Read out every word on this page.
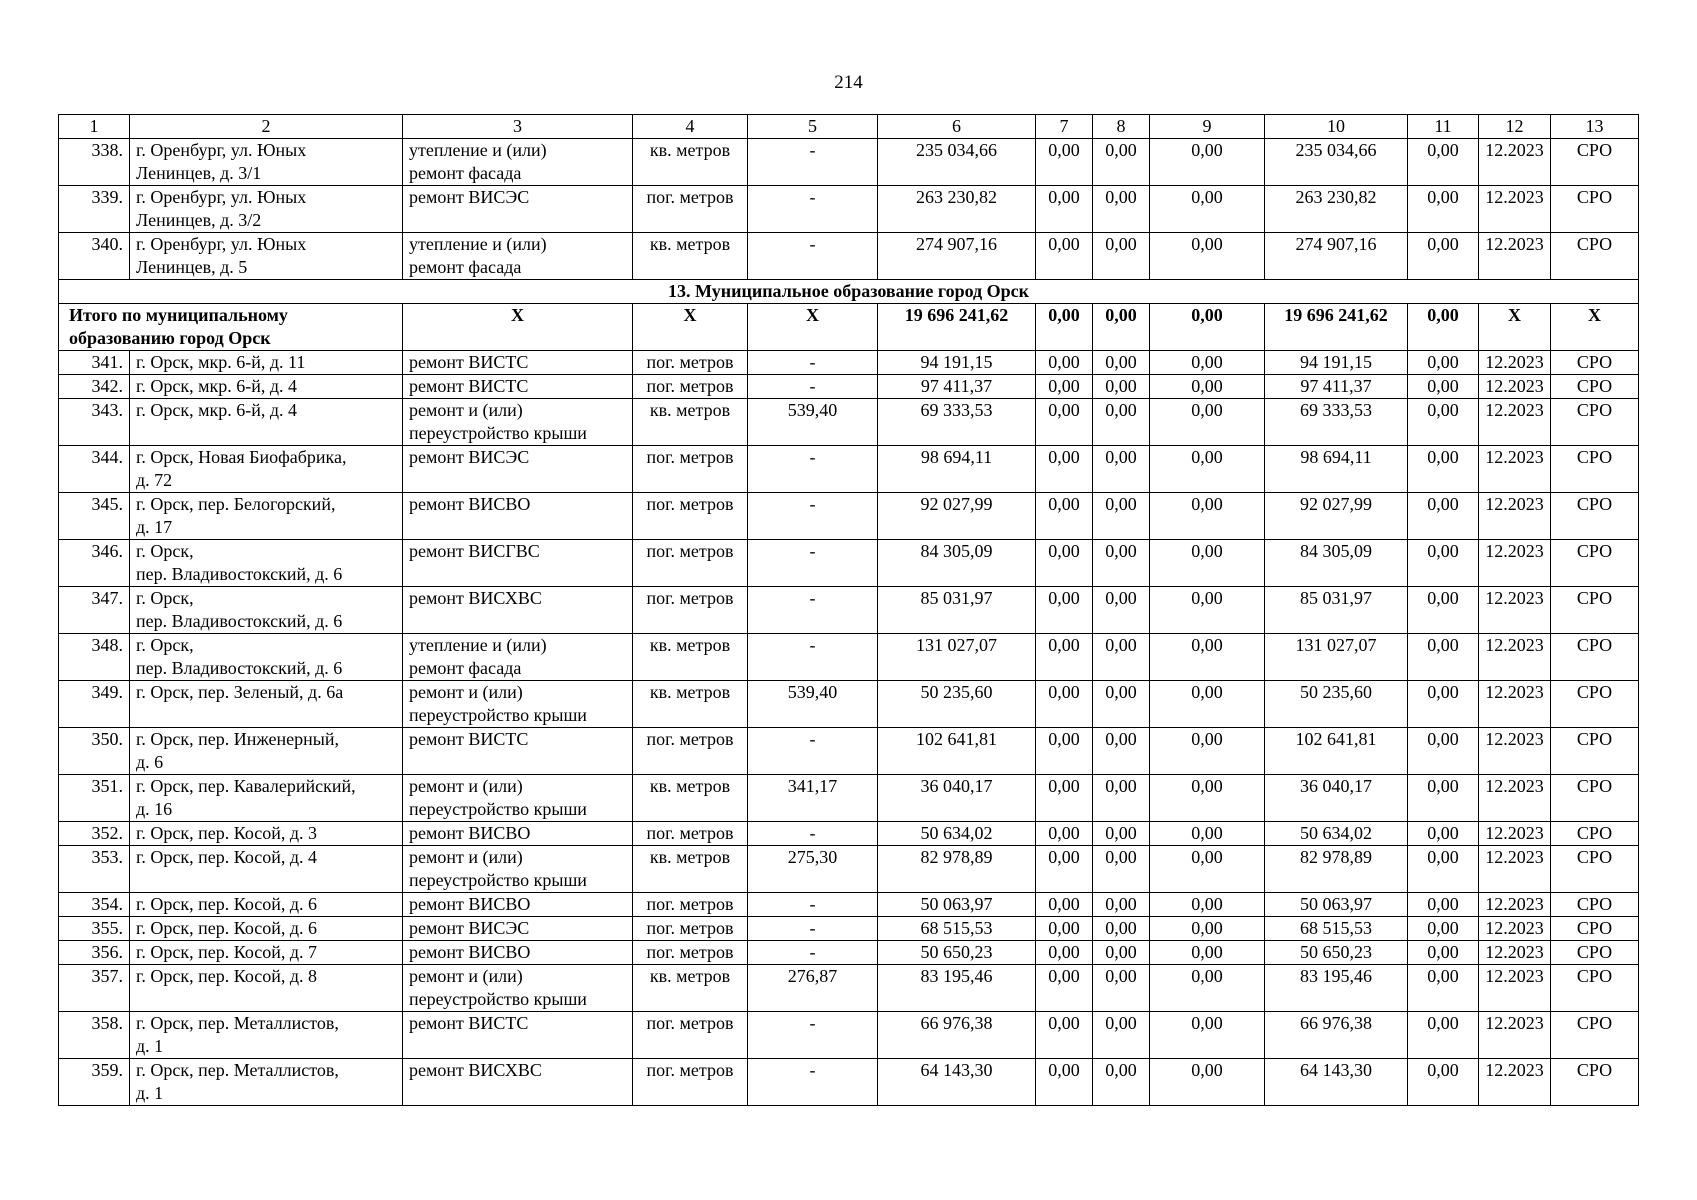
214
1	2	3	4	5	6	7	8	9	10	11	12	13
338.	г. Оренбург, ул. Юных
Ленинцев, д. 3/1	утепление и (или)
ремонт фасада	кв. метров	-	235 034,66	0,00	0,00	0,00	235 034,66	0,00	12.2023	СРО
339.	г. Оренбург, ул. Юных
Ленинцев, д. 3/2	ремонт ВИСЭС	пог. метров	-	263 230,82	0,00	0,00	0,00	263 230,82	0,00	12.2023	СРО
340.	г. Оренбург, ул. Юных
Ленинцев, д. 5	утепление и (или)
ремонт фасада	кв. метров	-	274 907,16	0,00	0,00	0,00	274 907,16	0,00	12.2023	СРО
13. Муниципальное образование город Орск												
Итого по муниципальному образованию город Орск		Х	Х	Х	19 696 241,62	0,00	0,00	0,00	19 696 241,62	0,00	Х	Х
341.	г. Орск, мкр. 6-й, д. 11	ремонт ВИСТС	пог. метров	-	94 191,15	0,00	0,00	0,00	94 191,15	0,00	12.2023	СРО
342.	г. Орск, мкр. 6-й, д. 4	ремонт ВИСТС	пог. метров	-	97 411,37	0,00	0,00	0,00	97 411,37	0,00	12.2023	СРО
343.	г. Орск, мкр. 6-й, д. 4	ремонт и (или)
переустройство крыши	кв. метров	539,40	69 333,53	0,00	0,00	0,00	69 333,53	0,00	12.2023	СРО
344.	г. Орск, Новая Биофабрика,
д. 72	ремонт ВИСЭС	пог. метров	-	98 694,11	0,00	0,00	0,00	98 694,11	0,00	12.2023	СРО
345.	г. Орск, пер. Белогорский,
д. 17	ремонт ВИСВО	пог. метров	-	92 027,99	0,00	0,00	0,00	92 027,99	0,00	12.2023	СРО
346.	г. Орск,
пер. Владивостокский, д. 6	ремонт ВИСГВС	пог. метров	-	84 305,09	0,00	0,00	0,00	84 305,09	0,00	12.2023	СРО
347.	г. Орск,
пер. Владивостокский, д. 6	ремонт ВИСХВС	пог. метров	-	85 031,97	0,00	0,00	0,00	85 031,97	0,00	12.2023	СРО
348.	г. Орск,
пер. Владивостокский, д. 6	утепление и (или)
ремонт фасада	кв. метров	-	131 027,07	0,00	0,00	0,00	131 027,07	0,00	12.2023	СРО
349.	г. Орск, пер. Зеленый, д. 6а	ремонт и (или)
переустройство крыши	кв. метров	539,40	50 235,60	0,00	0,00	0,00	50 235,60	0,00	12.2023	СРО
350.	г. Орск, пер. Инженерный,
д. 6	ремонт ВИСТС	пог. метров	-	102 641,81	0,00	0,00	0,00	102 641,81	0,00	12.2023	СРО
351.	г. Орск, пер. Кавалерийский,
д. 16	ремонт и (или)
переустройство крыши	кв. метров	341,17	36 040,17	0,00	0,00	0,00	36 040,17	0,00	12.2023	СРО
352.	г. Орск, пер. Косой, д. 3	ремонт ВИСВО	пог. метров	-	50 634,02	0,00	0,00	0,00	50 634,02	0,00	12.2023	СРО
353.	г. Орск, пер. Косой, д. 4	ремонт и (или)
переустройство крыши	кв. метров	275,30	82 978,89	0,00	0,00	0,00	82 978,89	0,00	12.2023	СРО
354.	г. Орск, пер. Косой, д. 6	ремонт ВИСВО	пог. метров	-	50 063,97	0,00	0,00	0,00	50 063,97	0,00	12.2023	СРО
355.	г. Орск, пер. Косой, д. 6	ремонт ВИСЭС	пог. метров	-	68 515,53	0,00	0,00	0,00	68 515,53	0,00	12.2023	СРО
356.	г. Орск, пер. Косой, д. 7	ремонт ВИСВО	пог. метров	-	50 650,23	0,00	0,00	0,00	50 650,23	0,00	12.2023	СРО
357.	г. Орск, пер. Косой, д. 8	ремонт и (или)
переустройство крыши	кв. метров	276,87	83 195,46	0,00	0,00	0,00	83 195,46	0,00	12.2023	СРО
358.	г. Орск, пер. Металлистов,
д. 1	ремонт ВИСТС	пог. метров	-	66 976,38	0,00	0,00	0,00	66 976,38	0,00	12.2023	СРО
359.	г. Орск, пер. Металлистов,
д. 1	ремонт ВИСХВС	пог. метров	-	64 143,30	0,00	0,00	0,00	64 143,30	0,00	12.2023	СРО
